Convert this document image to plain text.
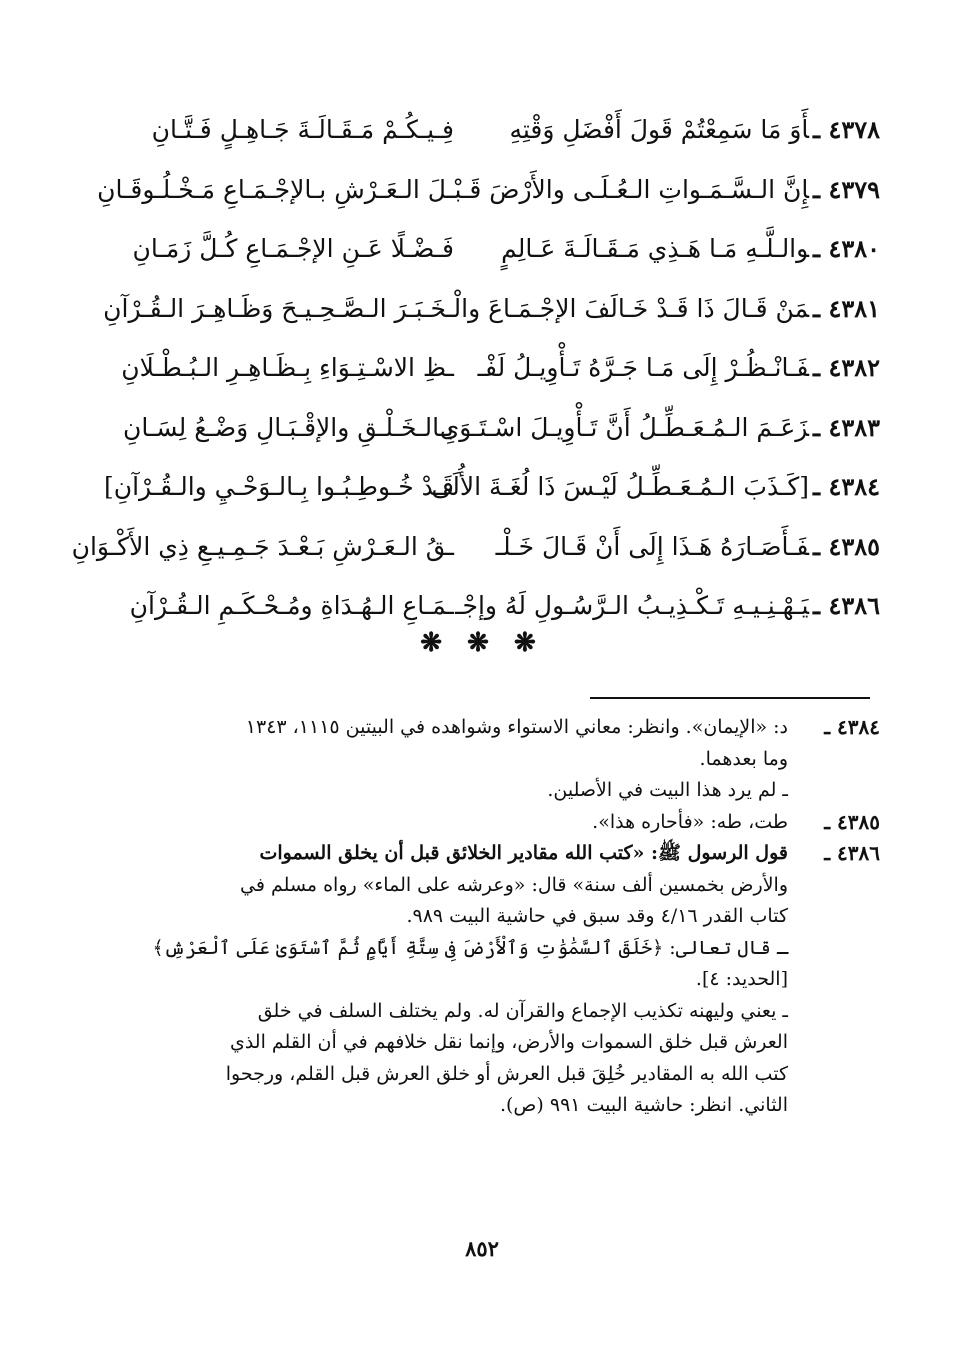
٤٣٧٨ ـأَوَ مَا سَمِعْتُمْ قَولَ أَفْضَلِ وَقْتِهِ
فِـيـكُـمْ مَـقَـالَـةَ جَـاهِـلٍ فَـتَّـانِ
٤٣٧٩ ـإِنَّ الـسَّـمَـواتِ الـعُـلَـى والأَرْضَ قَـبْـ
ـلَ الـعَـرْشِ بـالإجْـمَـاعِ مَـخْـلُـوقَـانِ
٤٣٨٠ ـوالـلَّـهِ مَـا هَـذِي مَـقَـالَـةَ عَـالِمٍ
فَـضْـلًا عَـنِ الإجْـمَـاعِ كُـلَّ زَمَـانِ
٤٣٨١ ـمَنْ قَـالَ ذَا قَـدْ خَـالَفَ الإجْـمَـاعَ والْـ
ـخَـبَـرَ الـصَّـحِـيـحَ وَظَـاهِـرَ الـقُـرْآنِ
٤٣٨٢ ـفَـانْـظُـرْ إِلَى مَـا جَـرَّهُ تَـأْوِيـلُ لَفْـ
ـظِ الاسْـتِـوَاءِ بِـظَـاهِـرِ الـبُـطْـلَانِ
٤٣٨٣ ـزَعَـمَ الـمُـعَـطِّـلُ أَنَّ تَـأْوِيـلَ اسْـتَـوَى
بِـالـخَـلْـقِ والإقْـبَـالِ وَضْـعُ لِسَـانِ
٤٣٨٤ ـ[كَـذَبَ الـمُـعَـطِّـلُ لَيْـسَ ذَا لُغَـةَ الأُلَى
قَـدْ خُـوطِـبُـوا بِـالـوَحْـيِ والـقُـرْآنِ]
٤٣٨٥ ـفَـأَصَـارَهُ هَـذَا إِلَى أَنْ قَـالَ خَـلْـ
ـقُ الـعَـرْشِ بَـعْـدَ جَـمِـيـعِ ذِي الأَكْـوَانِ
٤٣٨٦ ـيَـهْـنِـيـهِ تَـكْـذِيـبُ الـرَّسُـولِ لَهُ وإجْـ
ـمَـاعِ الـهُـدَاةِ ومُـحْـكَـمِ الـقُـرْآنِ
❋ ❋ ❋
٤٣٨٤ ـ
د: «الإيمان». وانظر: معاني الاستواء وشواهده في البيتين ١١١٥، ١٣٤٣
وما بعدهما.
ـ لم يرد هذا البيت في الأصلين.
٤٣٨٥ ـ
طت، طه: «فأحاره هذا».
٤٣٨٦ ـ
قول الرسول ﷺ: «كتب الله مقادير الخلائق قبل أن يخلق السموات
والأرض بخمسين ألف سنة» قال: «وعرشه على الماء» رواه مسلم في
كتاب القدر ٤/١٦ وقد سبق في حاشية البيت ٩٨٩.
ـ قال تعالى: ﴿خَلَقَ ٱلسَّمَٰوَٰتِ وَٱلْأَرْضَ فِى سِتَّةِ أَيَّامٍ ثُمَّ ٱسْتَوَىٰ عَلَى ٱلْعَرْشِ﴾
[الحديد: ٤].
ـ يعني وليهنه تكذيب الإجماع والقرآن له. ولم يختلف السلف في خلق
العرش قبل خلق السموات والأرض، وإنما نقل خلافهم في أن القلم الذي
كتب الله به المقادير خُلِقَ قبل العرش أو خلق العرش قبل القلم، ورجحوا
الثاني. انظر: حاشية البيت ٩٩١ (ص).
٨٥٢
